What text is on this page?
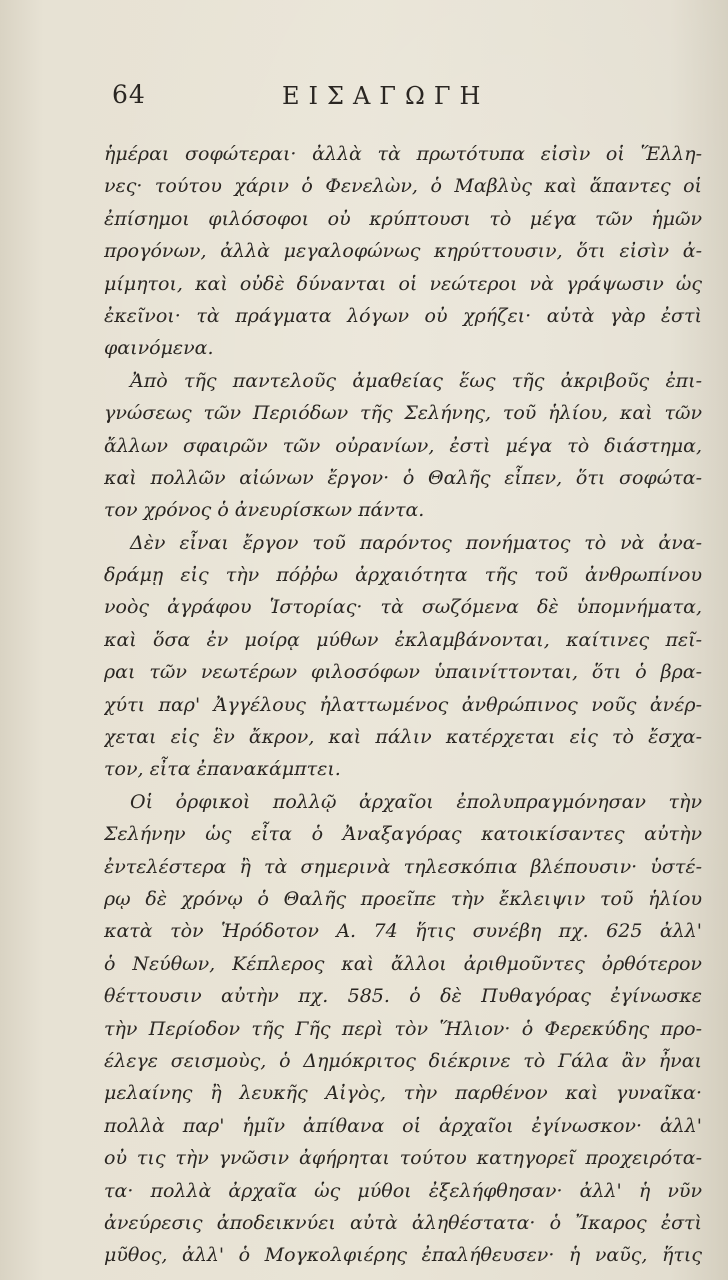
64	ΕΙΣΑΓΩΓΗ
ἡμέραι σοφώτεραι· ἀλλὰ τὰ πρωτότυπα εἰσὶν οἱ Ἕλλη-
νες· τούτου χάριν ὁ Φενελὼν, ὁ Μαβλὺς καὶ ἅπαντες οἱ
ἐπίσημοι φιλόσοφοι οὐ κρύπτουσι τὸ μέγα τῶν ἡμῶν
προγόνων, ἀλλὰ μεγαλοφώνως κηρύττουσιν, ὅτι εἰσὶν ἀ-
μίμητοι, καὶ οὐδὲ δύνανται οἱ νεώτεροι νὰ γράψωσιν ὡς
ἐκεῖνοι· τὰ πράγματα λόγων οὐ χρήζει· αὐτὰ γὰρ ἐστὶ
φαινόμενα.
Ἀπὸ τῆς παντελοῦς ἀμαθείας ἕως τῆς ἀκριβοῦς ἐπι-
γνώσεως τῶν Περιόδων τῆς Σελήνης, τοῦ ἡλίου, καὶ τῶν
ἄλλων σφαιρῶν τῶν οὐρανίων, ἐστὶ μέγα τὸ διάστημα,
καὶ πολλῶν αἰώνων ἔργον· ὁ Θαλῆς εἶπεν, ὅτι σοφώτα-
τον χρόνος ὁ ἀνευρίσκων πάντα.
Δὲν εἶναι ἔργον τοῦ παρόντος πονήματος τὸ νὰ ἀνα-
δράμῃ εἰς τὴν πόῤῥω ἀρχαιότητα τῆς τοῦ ἀνθρωπίνου
νοὸς ἀγράφου Ἱστορίας· τὰ σωζόμενα δὲ ὑπομνήματα,
καὶ ὅσα ἐν μοίρᾳ μύθων ἐκλαμβάνονται, καίτινες πεῖ-
ραι τῶν νεωτέρων φιλοσόφων ὑπαινίττονται, ὅτι ὁ βρα-
χύτι παρ' Ἀγγέλους ἠλαττωμένος ἀνθρώπινος νοῦς ἀνέρ-
χεται εἰς ἓν ἄκρον, καὶ πάλιν κατέρχεται εἰς τὸ ἔσχα-
τον, εἶτα ἐπανακάμπτει.
Οἱ ὀρφικοὶ πολλῷ ἀρχαῖοι ἐπολυπραγμόνησαν τὴν
Σελήνην ὡς εἶτα ὁ Ἀναξαγόρας κατοικίσαντες αὐτὴν
ἐντελέστερα ἢ τὰ σημερινὰ τηλεσκόπια βλέπουσιν· ὑστέ-
ρῳ δὲ χρόνῳ ὁ Θαλῆς προεῖπε τὴν ἔκλειψιν τοῦ ἡλίου
κατὰ τὸν Ἡρόδοτον Α. 74 ἥτις συνέβη πχ. 625 ἀλλ'
ὁ Νεύθων, Κέπλερος καὶ ἄλλοι ἀριθμοῦντες ὀρθότερον
θέττουσιν αὐτὴν πχ. 585. ὁ δὲ Πυθαγόρας ἐγίνωσκε
τὴν Περίοδον τῆς Γῆς περὶ τὸν Ἥλιον· ὁ Φερεκύδης προ-
έλεγε σεισμοὺς, ὁ Δημόκριτος διέκρινε τὸ Γάλα ἂν ἦναι
μελαίνης ἢ λευκῆς Αἰγὸς, τὴν παρθένον καὶ γυναῖκα·
πολλὰ παρ' ἡμῖν ἀπίθανα οἱ ἀρχαῖοι ἐγίνωσκον· ἀλλ'
οὐ τις τὴν γνῶσιν ἀφήρηται τούτου κατηγορεῖ προχειρότα-
τα· πολλὰ ἀρχαῖα ὡς μύθοι ἐξελήφθησαν· ἀλλ' ἡ νῦν
ἀνεύρεσις ἀποδεικνύει αὐτὰ ἀληθέστατα· ὁ Ἴκαρος ἐστὶ
μῦθος, ἀλλ' ὁ Μογκολφιέρης ἐπαλήθευσεν· ἡ ναῦς, ἥτις
